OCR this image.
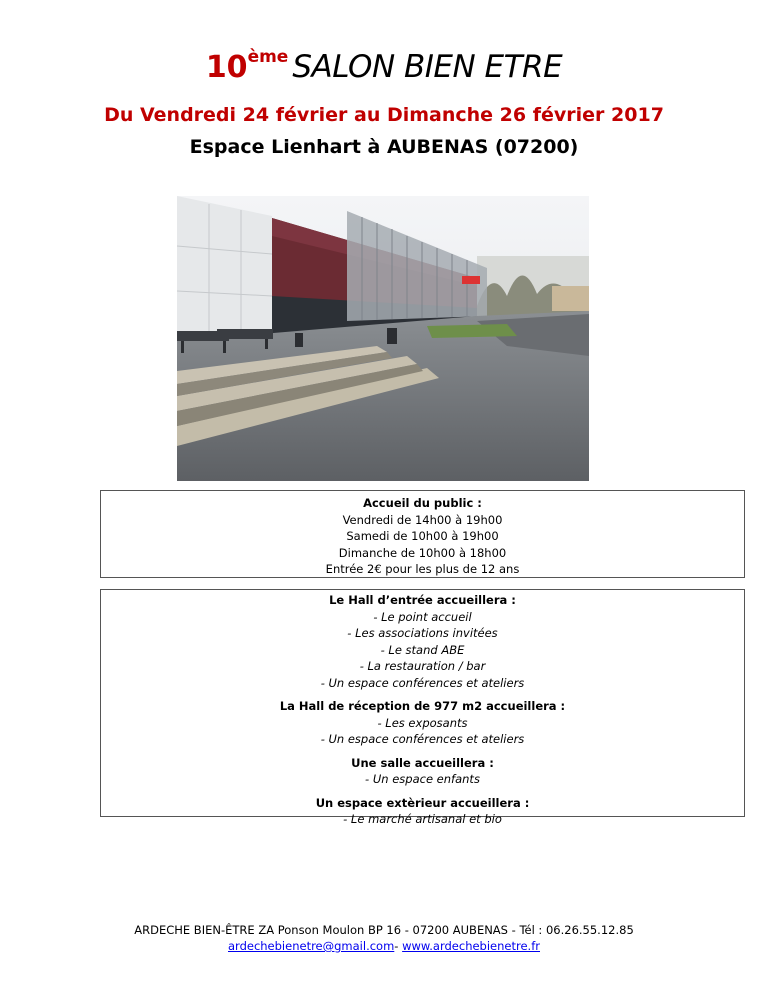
10ème SALON BIEN ETRE
Du Vendredi 24 février au Dimanche 26 février 2017
Espace Lienhart à AUBENAS (07200)
Accueil du public :
Vendredi de 14h00 à 19h00
Samedi de 10h00 à 19h00
Dimanche de 10h00 à 18h00
Entrée 2€ pour les plus de 12 ans
Le Hall d’entrée accueillera :
- Le point accueil
- Les associations invitées
- Le stand ABE
- La restauration / bar
- Un espace conférences et ateliers
La Hall de réception de 977 m2 accueillera :
- Les exposants
- Un espace conférences et ateliers
Une salle accueillera :
- Un espace enfants
Un espace extèrieur accueillera :
- Le marché artisanal et bio
ARDECHE BIEN-ÊTRE ZA Ponson Moulon BP 16 - 07200 AUBENAS - Tél : 06.26.55.12.85
ardechebienetre@gmail.com- www.ardechebienetre.fr
